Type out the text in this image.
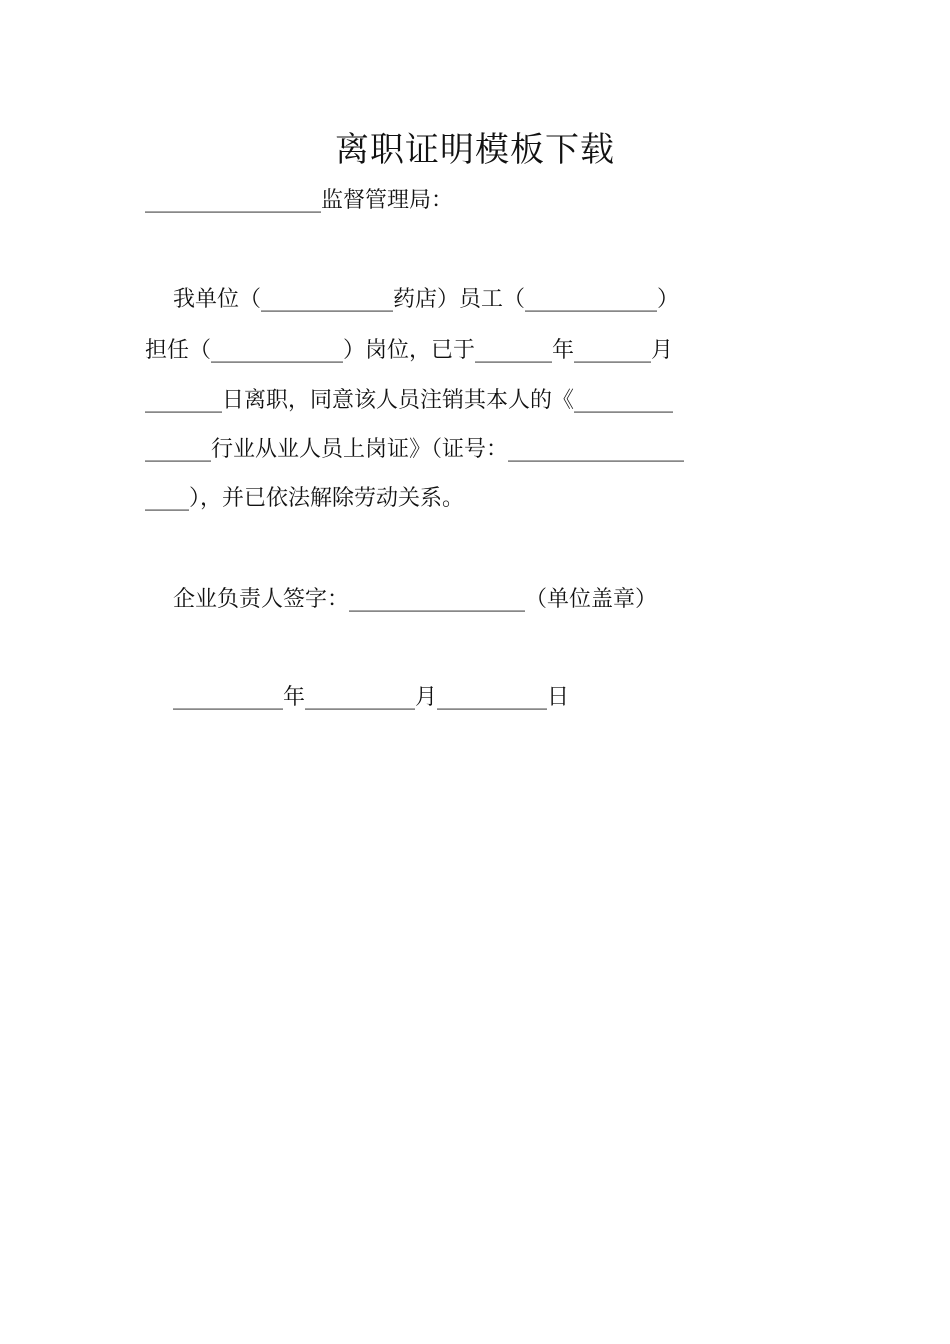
离职证明模板下载
________________监督管理局：
我单位（____________药店）员工（____________）
担任（____________）岗位，已于_______年_______月
_______日离职，同意该人员注销其本人的《_________
______行业从业人员上岗证》（证号：________________
____），并已依法解除劳动关系。
企业负责人签字：________________（单位盖章）
__________年__________月__________日
